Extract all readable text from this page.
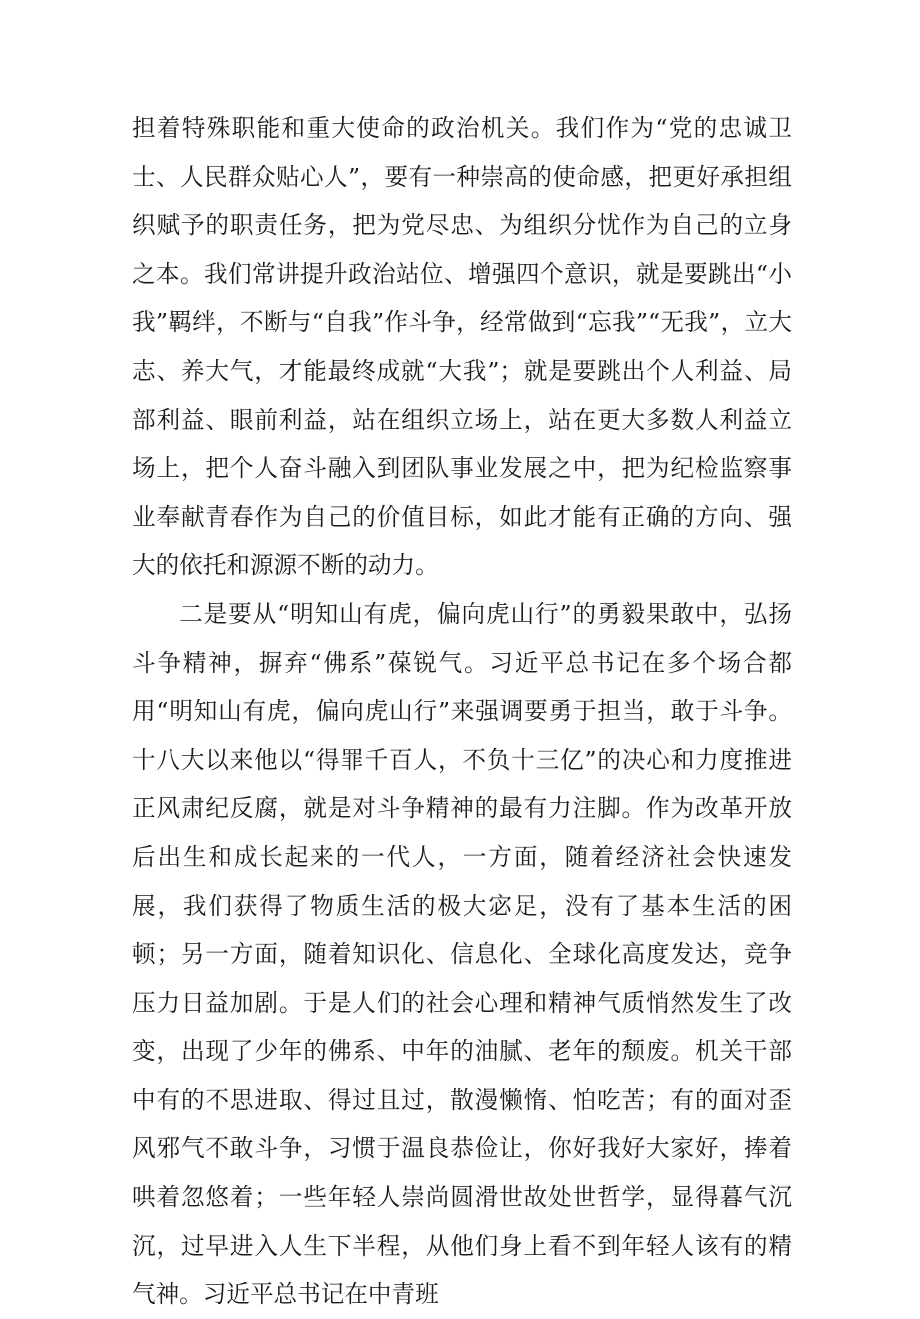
担着特殊职能和重大使命的政治机关。我们作为“党的忠诚卫士、人民群众贴心人”，要有一种崇高的使命感，把更好承担组织赋予的职责任务，把为党尽忠、为组织分忧作为自己的立身之本。我们常讲提升政治站位、增强四个意识，就是要跳出“小我”羁绊，不断与“自我”作斗争，经常做到“忘我”“无我”，立大志、养大气，才能最终成就“大我”；就是要跳出个人利益、局部利益、眼前利益，站在组织立场上，站在更大多数人利益立场上，把个人奋斗融入到团队事业发展之中，把为纪检监察事业奉献青春作为自己的价值目标，如此才能有正确的方向、强大的依托和源源不断的动力。

二是要从“明知山有虎，偏向虎山行”的勇毅果敢中，弘扬斗争精神，摒弃“佛系”葆锐气。习近平总书记在多个场合都用“明知山有虎，偏向虎山行”来强调要勇于担当，敢于斗争。十八大以来他以“得罪千百人，不负十三亿”的决心和力度推进正风肃纪反腐，就是对斗争精神的最有力注脚。作为改革开放后出生和成长起来的一代人，一方面，随着经济社会快速发展，我们获得了物质生活的极大宓足，没有了基本生活的困顿；另一方面，随着知识化、信息化、全球化高度发达，竞争压力日益加剧。于是人们的社会心理和精神气质悄然发生了改变，出现了少年的佛系、中年的油腻、老年的颓废。机关干部中有的不思进取、得过且过，散漫懒惰、怕吃苦；有的面对歪风邪气不敢斗争，习惯于温良恭俭让，你好我好大家好，捧着哄着忽悠着；一些年轻人崇尚圆滑世故处世哲学，显得暮气沉沉，过早进入人生下半程，从他们身上看不到年轻人该有的精气神。习近平总书记在中青班
